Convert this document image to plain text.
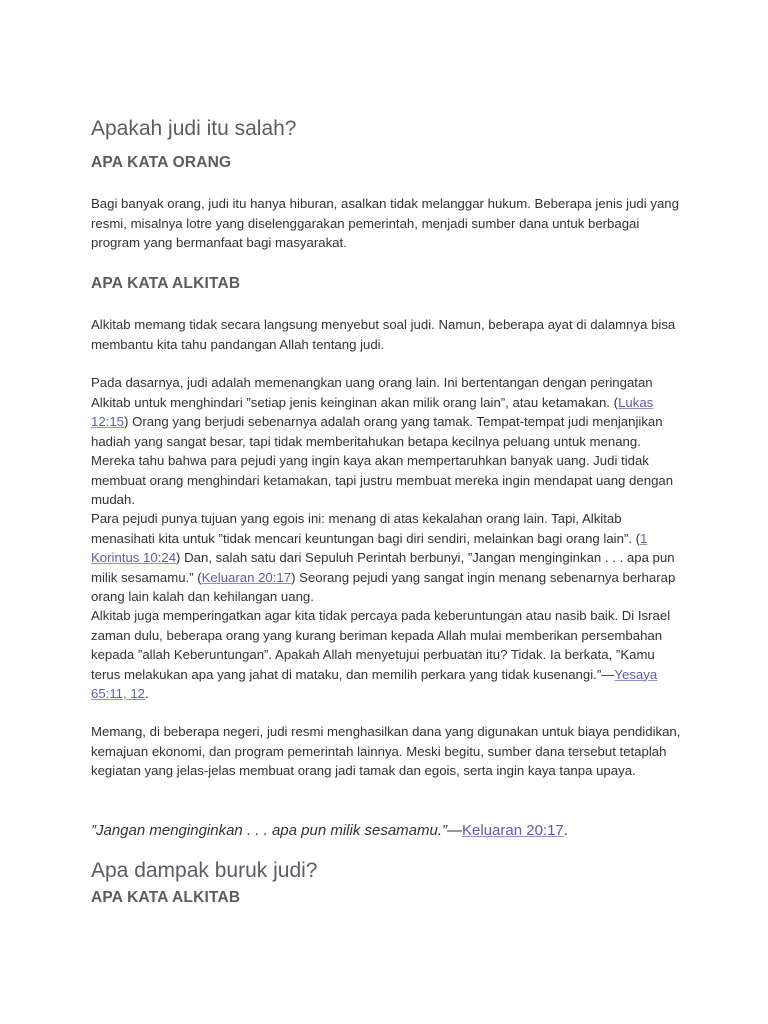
Apakah judi itu salah?
APA KATA ORANG

Bagi banyak orang, judi itu hanya hiburan, asalkan tidak melanggar hukum. Beberapa jenis judi yang resmi, misalnya lotre yang diselenggarakan pemerintah, menjadi sumber dana untuk berbagai program yang bermanfaat bagi masyarakat.

APA KATA ALKITAB

Alkitab memang tidak secara langsung menyebut soal judi. Namun, beberapa ayat di dalamnya bisa membantu kita tahu pandangan Allah tentang judi.

Pada dasarnya, judi adalah memenangkan uang orang lain. Ini bertentangan dengan peringatan Alkitab untuk menghindari ”setiap jenis keinginan akan milik orang lain”, atau ketamakan. (Lukas 12:15) Orang yang berjudi sebenarnya adalah orang yang tamak. Tempat-tempat judi menjanjikan hadiah yang sangat besar, tapi tidak memberitahukan betapa kecilnya peluang untuk menang. Mereka tahu bahwa para pejudi yang ingin kaya akan mempertaruhkan banyak uang. Judi tidak membuat orang menghindari ketamakan, tapi justru membuat mereka ingin mendapat uang dengan mudah.

Para pejudi punya tujuan yang egois ini: menang di atas kekalahan orang lain. Tapi, Alkitab menasihati kita untuk ”tidak mencari keuntungan bagi diri sendiri, melainkan bagi orang lain”. (1 Korintus 10:24) Dan, salah satu dari Sepuluh Perintah berbunyi, ”Jangan menginginkan . . . apa pun milik sesamamu.” (Keluaran 20:17) Seorang pejudi yang sangat ingin menang sebenarnya berharap orang lain kalah dan kehilangan uang.

Alkitab juga memperingatkan agar kita tidak percaya pada keberuntungan atau nasib baik. Di Israel zaman dulu, beberapa orang yang kurang beriman kepada Allah mulai memberikan persembahan kepada ”allah Keberuntungan”. Apakah Allah menyetujui perbuatan itu? Tidak. Ia berkata, ”Kamu terus melakukan apa yang jahat di mataku, dan memilih perkara yang tidak kusenangi.”—Yesaya 65:11, 12.

Memang, di beberapa negeri, judi resmi menghasilkan dana yang digunakan untuk biaya pendidikan, kemajuan ekonomi, dan program pemerintah lainnya. Meski begitu, sumber dana tersebut tetaplah kegiatan yang jelas-jelas membuat orang jadi tamak dan egois, serta ingin kaya tanpa upaya.

”Jangan menginginkan . . . apa pun milik sesamamu.”—Keluaran 20:17.

Apa dampak buruk judi?
APA KATA ALKITAB
